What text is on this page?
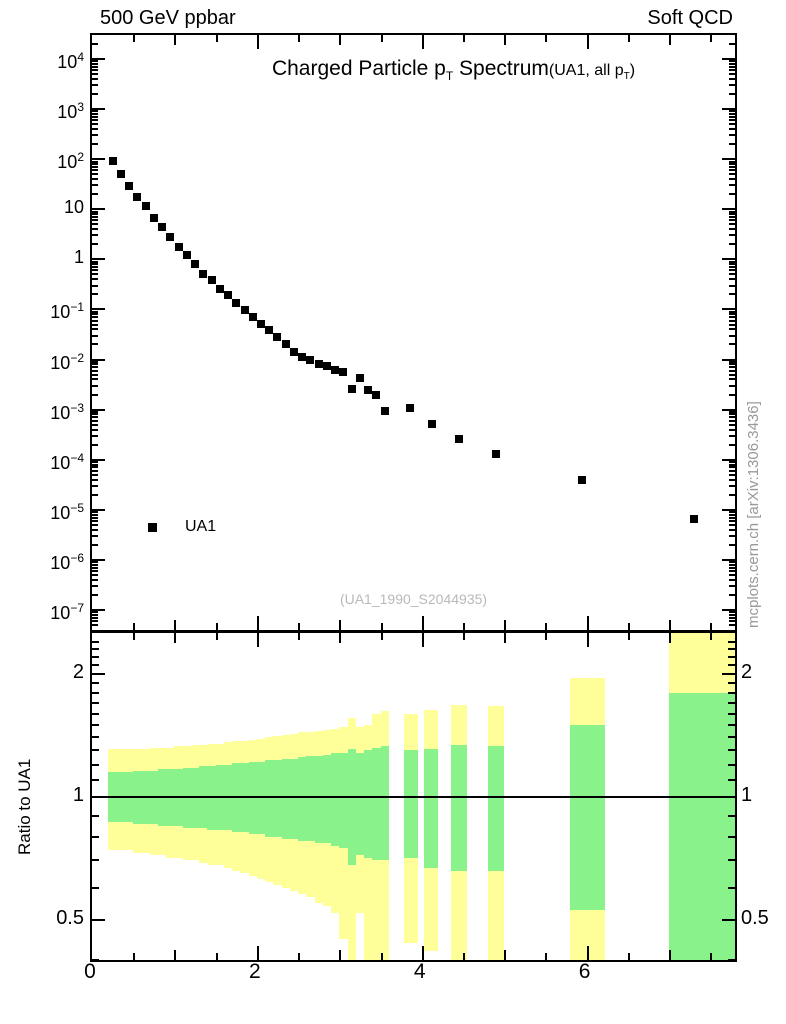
500 GeV ppbar	Soft QCD
Charged Particle $p_T$ Spectrum(UA1, all $p_T$)
UA1
(UA1_1990_S2044935)	mcplots.cern.ch [arXiv:1306.3436]
Ratio to UA1
$10^4$
$10^3$
$10^2$
10
1
$10^{-1}$
$10^{-2}$
$10^{-3}$
$10^{-4}$
$10^{-5}$
$10^{-6}$
$10^{-7}$
2	2
1	1
0.5	0.5
0	2	4	6
